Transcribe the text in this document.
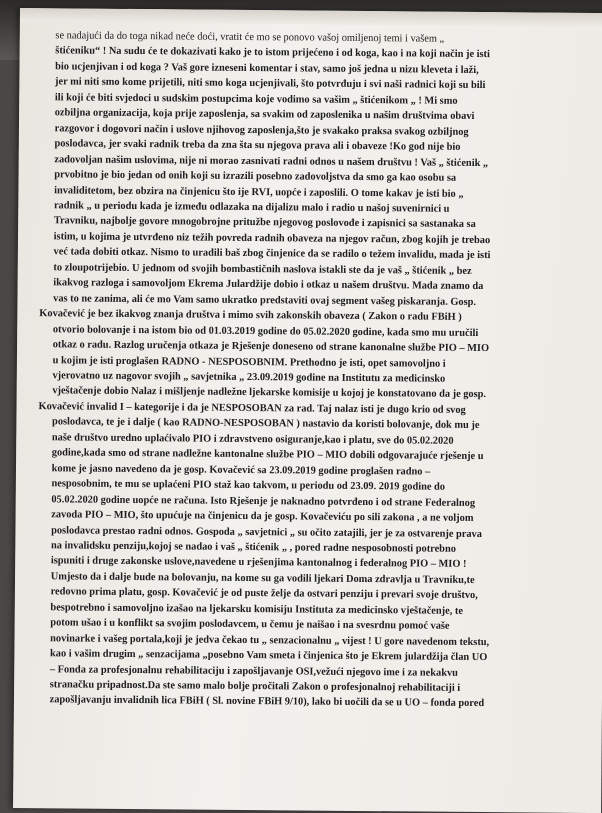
se nadajući da do toga nikad neće doći, vratit će mo se ponovo vašoj omiljenoj temi i vašem „
štićeniku“ ! Na sudu će te dokazivati kako je to istom prijećeno i od koga, kao i na koji način je isti
bio ucjenjivan i od koga ? Vaš gore izneseni komentar i stav, samo još jedna u nizu kleveta i laži,
jer mi niti smo kome prijetili, niti smo koga ucjenjivali, što potvrđuju i svi naši radnici koji su bili
ili koji će biti svjedoci u sudskim postupcima koje vodimo sa vašim „ štićenikom „ ! Mi smo
ozbiljna organizacija, koja prije zaposlenja, sa svakim od zaposlenika u našim društvima obavi
razgovor i dogovori način i uslove njihovog zaposlenja,što je svakako praksa svakog ozbiljnog
poslodavca, jer svaki radnik treba da zna šta su njegova prava ali i obaveze !Ko god nije bio
zadovoljan našim uslovima, nije ni morao zasnivati radni odnos u našem društvu ! Vaš „ štićenik „
prvobitno je bio jedan od onih koji su izrazili posebno zadovoljstva da smo ga kao osobu sa
invaliditetom, bez obzira na činjenicu što ije RVI, uopće i zaposlili. O tome kakav je isti bio „
radnik „ u periodu kada je između odlazaka na dijalizu malo i radio u našoj suvenirnici u
Travniku, najbolje govore mnogobrojne pritužbe njegovog poslovođe i zapisnici sa sastanaka sa
istim, u kojima je utvrđeno niz težih povreda radnih obaveza na njegov račun, zbog kojih je trebao
već tada dobiti otkaz. Nismo to uradili baš zbog činjenice da se radilo o težem invalidu, mada je isti
to zloupotrijebio. U jednom od svojih bombastičnih naslova istakli ste da je vaš „ štićenik „ bez
ikakvog razloga i samovoljom Ekrema Julardžije dobio i otkaz u našem društvu. Mada znamo da
vas to ne zanima, ali će mo Vam samo ukratko predstaviti ovaj segment vašeg piskaranja. Gosp.
Kovačević je bez ikakvog znanja društva i mimo svih zakonskih obaveza ( Zakon o radu FBiH )
otvorio bolovanje i na istom bio od 01.03.2019 godine do 05.02.2020 godine, kada smo mu uručili
otkaz o radu. Razlog uručenja otkaza je Rješenje doneseno od strane kanonalne službe PIO – MIO
u kojim je isti proglašen RADNO - NESPOSOBNIM. Prethodno je isti, opet samovoljno i
vjerovatno uz nagovor svojih „ savjetnika „ 23.09.2019 godine na Institutu za medicinsko
vještačenje dobio Nalaz i mišljenje nadležne ljekarske komisije u kojoj je konstatovano da je gosp.
Kovačević invalid I – kategorije i da je NESPOSOBAN za rad. Taj nalaz isti je dugo krio od svog
poslodavca, te je i dalje ( kao RADNO-NESPOSOBAN ) nastavio da koristi bolovanje, dok mu je
naše društvo uredno uplaćivalo PIO i zdravstveno osiguranje,kao i platu, sve do 05.02.2020
godine,kada smo od strane nadležne kantonalne službe PIO – MIO dobili odgovarajuće rješenje u
kome je jasno navedeno da je gosp. Kovačević sa 23.09.2019 godine proglašen radno –
nesposobnim, te mu se uplaćeni PIO staž kao takvom, u periodu od 23.09. 2019 godine do
05.02.2020 godine uopće ne računa. Isto Rješenje je naknadno potvrđeno i od strane Federalnog
zavoda PIO – MIO, što upućuje na činjenicu da je gosp. Kovačeviću po sili zakona , a ne voljom
poslodavca prestao radni odnos. Gospoda „ savjetnici „ su očito zatajili, jer je za ostvarenje prava
na invalidsku penziju,kojoj se nadao i vaš „ štićenik „ , pored radne nesposobnosti potrebno
ispuniti i druge zakonske uslove,navedene u rješenjima kantonalnog i federalnog PIO – MIO !
Umjesto da i dalje bude na bolovanju, na kome su ga vodili ljekari Doma zdravlja u Travniku,te
redovno prima platu, gosp. Kovačević je od puste želje da ostvari penziju i prevari svoje društvo,
bespotrebno i samovoljno izašao na ljekarsku komisiju Instituta za medicinsko vještačenje, te
potom ušao i u konflikt sa svojim poslodavcem, u čemu je naišao i na svesrdnu pomoć vaše
novinarke i vašeg portala,koji je jedva čekao tu „ senzacionalnu „ vijest ! U gore navedenom tekstu,
kao i vašim drugim „ senzacijama „posebno Vam smeta i činjenica što je Ekrem julardžija član UO
– Fonda za profesjonalnu rehabilitaciju i zapošljavanje OSI,vežući njegovo ime i za nekakvu
stranačku pripadnost.Da ste samo malo bolje pročitali Zakon o profesjonalnoj rehabilitaciji i
zapošljavanju invalidnih lica FBiH ( Sl. novine FBiH 9/10), lako bi uočili da se u UO – fonda pored
